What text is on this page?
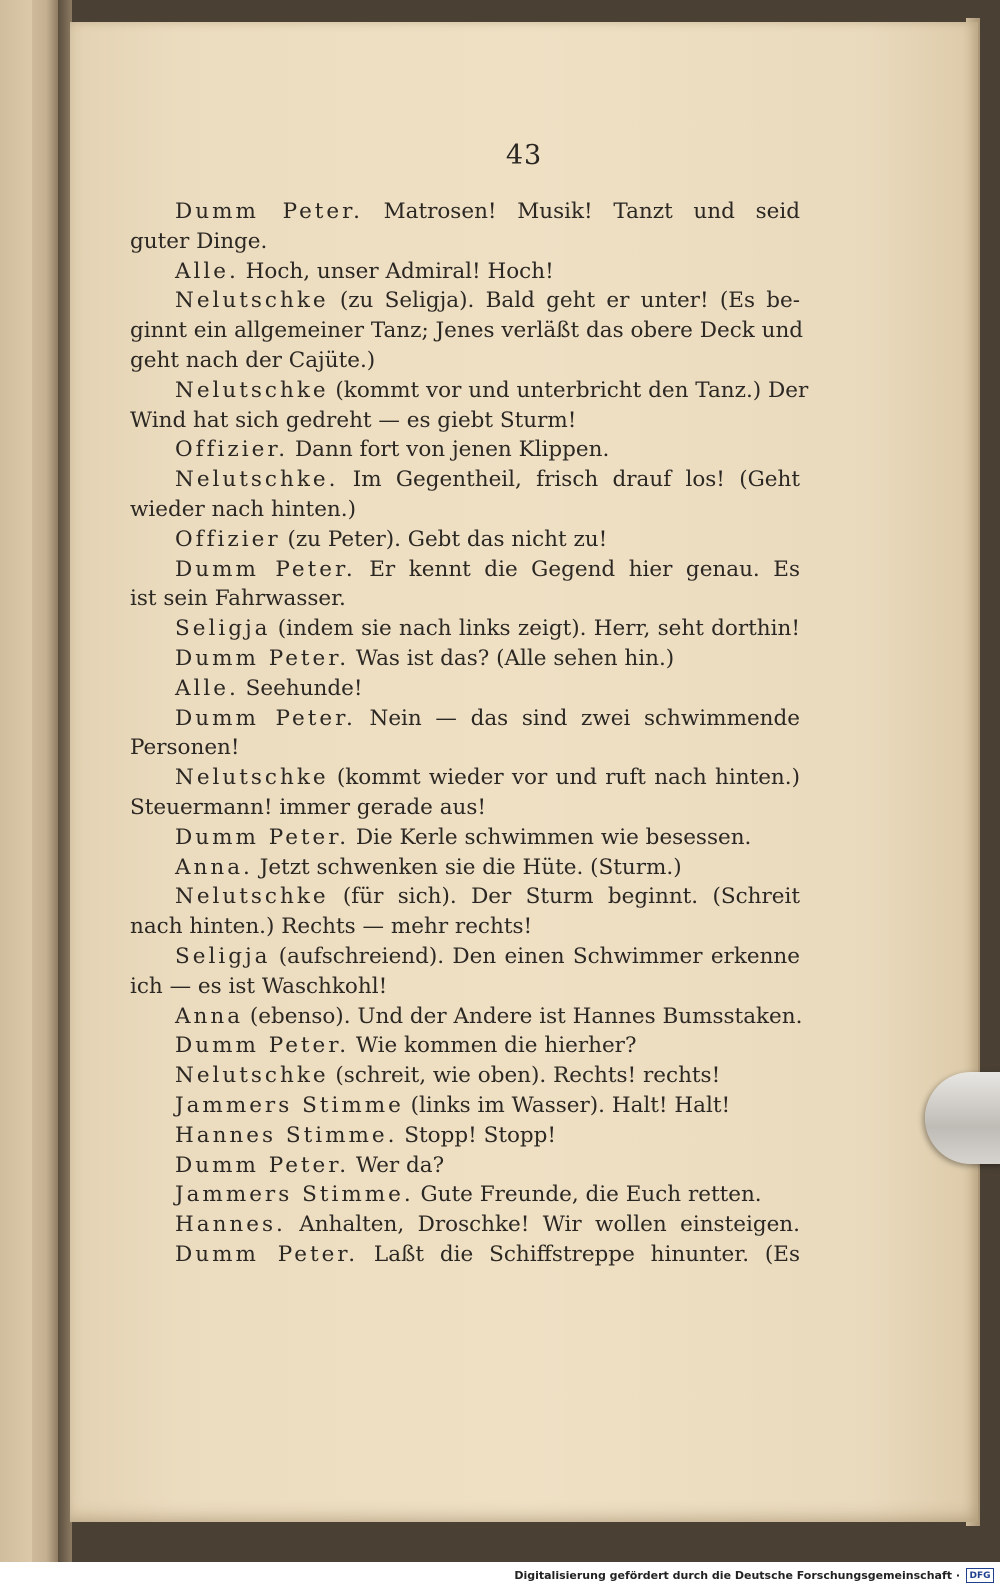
43
Dumm Peter. Matrosen! Musik! Tanzt und seid
guter Dinge.
Alle. Hoch, unser Admiral! Hoch!
Nelutschke (zu Seligja). Bald geht er unter! (Es be-
ginnt ein allgemeiner Tanz; Jenes verläßt das obere Deck und
geht nach der Cajüte.)
Nelutschke (kommt vor und unterbricht den Tanz.) Der
Wind hat sich gedreht — es giebt Sturm!
Offizier. Dann fort von jenen Klippen.
Nelutschke. Im Gegentheil, frisch drauf los! (Geht
wieder nach hinten.)
Offizier (zu Peter). Gebt das nicht zu!
Dumm Peter. Er kennt die Gegend hier genau. Es
ist sein Fahrwasser.
Seligja (indem sie nach links zeigt). Herr, seht dorthin!
Dumm Peter. Was ist das? (Alle sehen hin.)
Alle. Seehunde!
Dumm Peter. Nein — das sind zwei schwimmende
Personen!
Nelutschke (kommt wieder vor und ruft nach hinten.)
Steuermann! immer gerade aus!
Dumm Peter. Die Kerle schwimmen wie besessen.
Anna. Jetzt schwenken sie die Hüte. (Sturm.)
Nelutschke (für sich). Der Sturm beginnt. (Schreit
nach hinten.) Rechts — mehr rechts!
Seligja (aufschreiend). Den einen Schwimmer erkenne
ich — es ist Waschkohl!
Anna (ebenso). Und der Andere ist Hannes Bumsstaken.
Dumm Peter. Wie kommen die hierher?
Nelutschke (schreit, wie oben). Rechts! rechts!
Jammers Stimme (links im Wasser). Halt! Halt!
Hannes Stimme. Stopp! Stopp!
Dumm Peter. Wer da?
Jammers Stimme. Gute Freunde, die Euch retten.
Hannes. Anhalten, Droschke! Wir wollen einsteigen.
Dumm Peter. Laßt die Schiffstreppe hinunter. (Es
Digitalisierung gefördert durch die Deutsche Forschungsgemeinschaft ·	DFG
